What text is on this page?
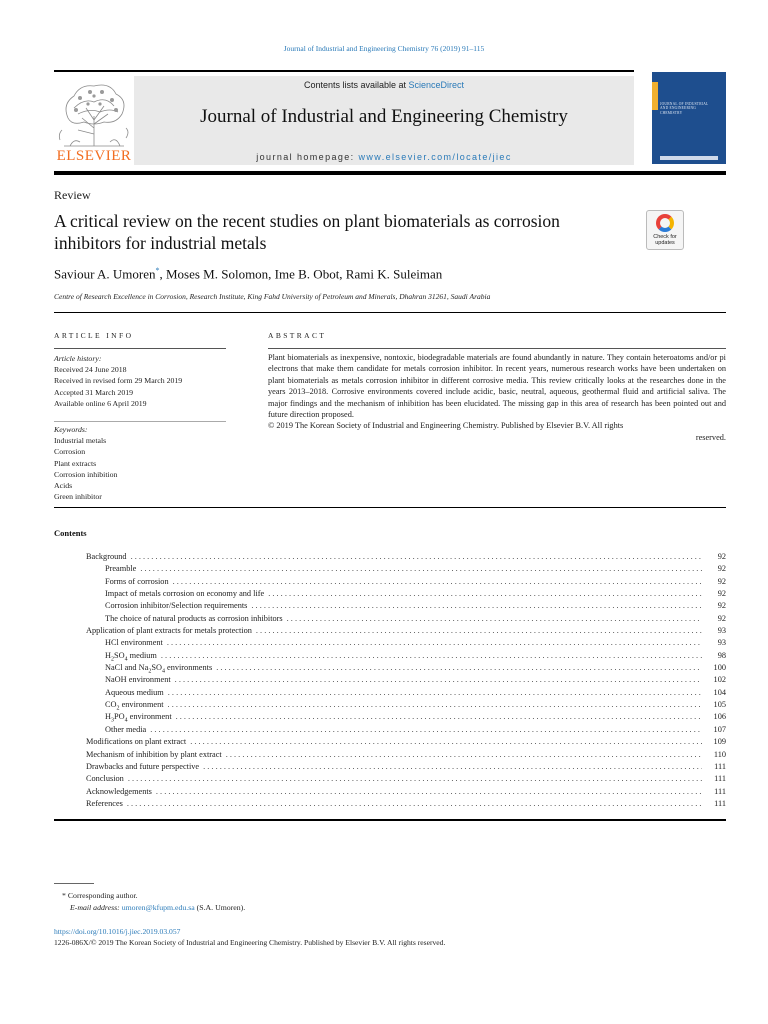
Journal of Industrial and Engineering Chemistry 76 (2019) 91–115
ELSEVIER
Contents lists available at ScienceDirect
Journal of Industrial and Engineering Chemistry
journal homepage: www.elsevier.com/locate/jiec
JOURNAL OF INDUSTRIAL AND ENGINEERING CHEMISTRY
Review
A critical review on the recent studies on plant biomaterials as corrosion inhibitors for industrial metals	Check for
updates
Saviour A. Umoren*, Moses M. Solomon, Ime B. Obot, Rami K. Suleiman
Centre of Research Excellence in Corrosion, Research Institute, King Fahd University of Petroleum and Minerals, Dhahran 31261, Saudi Arabia
ARTICLE INFO	ABSTRACT
Article history:
Received 24 June 2018
Received in revised form 29 March 2019
Accepted 31 March 2019
Available online 6 April 2019
Keywords:
Industrial metals
Corrosion
Plant extracts
Corrosion inhibition
Acids
Green inhibitor
Plant biomaterials as inexpensive, nontoxic, biodegradable materials are found abundantly in nature. They contain heteroatoms and/or pi electrons that make them candidate for metals corrosion inhibitor. In recent years, numerous research works have been undertaken on plant biomaterials as metals corrosion inhibitor in different corrosive media. This review critically looks at the researches done in the years 2013–2018. Corrosive environments covered include acidic, basic, neutral, aqueous, geothermal fluid and artificial saliva. The major findings and the mechanism of inhibition has been elucidated. The missing gap in this area of research has been pointed out and future direction proposed.
© 2019 The Korean Society of Industrial and Engineering Chemistry. Published by Elsevier B.V. All rights
reserved.
Contents
Background . . .	92
Preamble . . .	92
Forms of corrosion . . .	92
Impact of metals corrosion on economy and life . . .	92
Corrosion inhibitor/Selection requirements . . .	92
The choice of natural products as corrosion inhibitors . . .	92
Application of plant extracts for metals protection . . .	93
HCl environment . . .	93
$H_2SO_4$ medium . . .	98
NaCl and $Na_2SO_4$ environments . . .	100
NaOH environment . . .	102
Aqueous medium . . .	104
$CO_2$ environment . . .	105
$H_3PO_4$ environment . . .	106
Other media . . .	107
Modifications on plant extract . . .	109
Mechanism of inhibition by plant extract . . .	110
Drawbacks and future perspective . . .	111
Conclusion . . .	111
Acknowledgements . . .	111
References . . .	111
* Corresponding author.
E-mail address: umoren@kfupm.edu.sa (S.A. Umoren).
https://doi.org/10.1016/j.jiec.2019.03.057
1226-086X/© 2019 The Korean Society of Industrial and Engineering Chemistry. Published by Elsevier B.V. All rights reserved.
